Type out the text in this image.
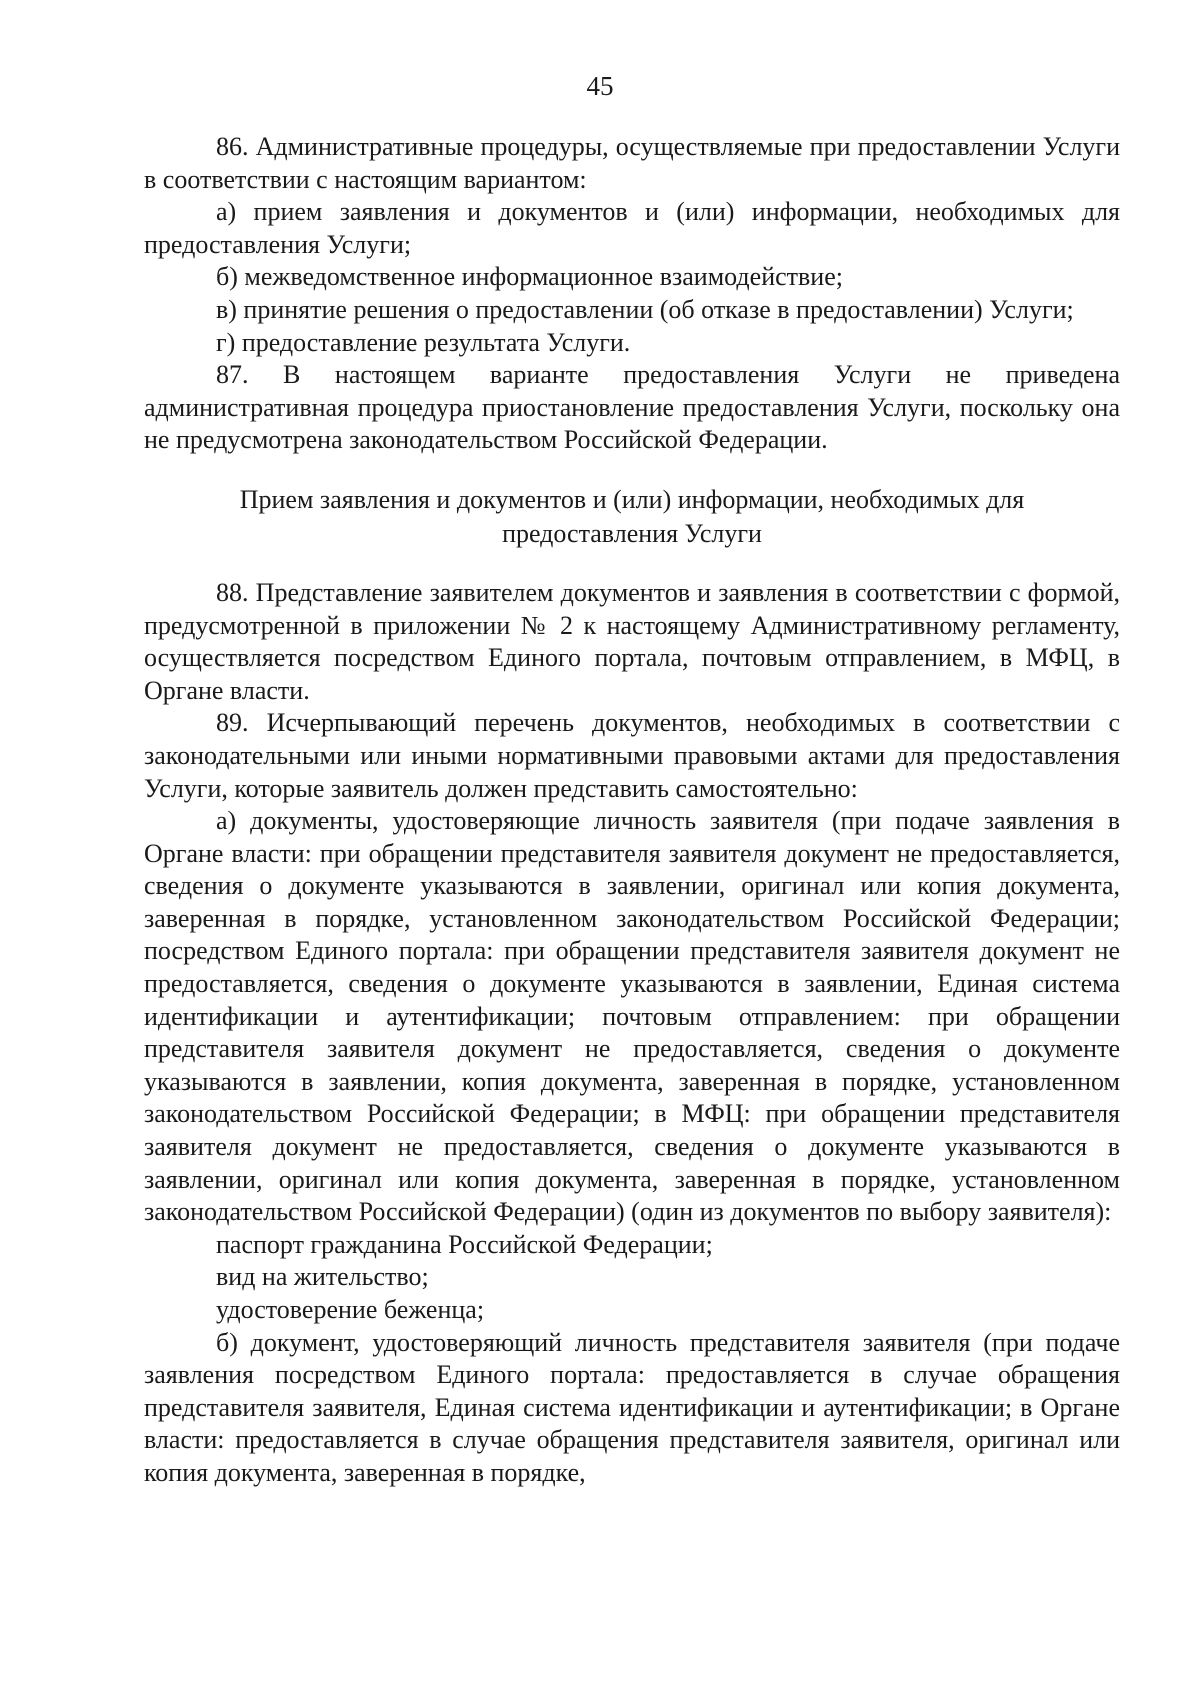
45

86. Административные процедуры, осуществляемые при предоставлении Услуги в соответствии с настоящим вариантом:

а) прием заявления и документов и (или) информации, необходимых для предоставления Услуги;

б) межведомственное информационное взаимодействие;

в) принятие решения о предоставлении (об отказе в предоставлении) Услуги;

г) предоставление результата Услуги.

87. В настоящем варианте предоставления Услуги не приведена административная процедура приостановление предоставления Услуги, поскольку она не предусмотрена законодательством Российской Федерации.

Прием заявления и документов и (или) информации, необходимых для предоставления Услуги

88. Представление заявителем документов и заявления в соответствии с формой, предусмотренной в приложении № 2 к настоящему Административному регламенту, осуществляется посредством Единого портала, почтовым отправлением, в МФЦ, в Органе власти.

89. Исчерпывающий перечень документов, необходимых в соответствии с законодательными или иными нормативными правовыми актами для предоставления Услуги, которые заявитель должен представить самостоятельно:

а) документы, удостоверяющие личность заявителя (при подаче заявления в Органе власти: при обращении представителя заявителя документ не предоставляется, сведения о документе указываются в заявлении, оригинал или копия документа, заверенная в порядке, установленном законодательством Российской Федерации; посредством Единого портала: при обращении представителя заявителя документ не предоставляется, сведения о документе указываются в заявлении, Единая система идентификации и аутентификации; почтовым отправлением: при обращении представителя заявителя документ не предоставляется, сведения о документе указываются в заявлении, копия документа, заверенная в порядке, установленном законодательством Российской Федерации; в МФЦ: при обращении представителя заявителя документ не предоставляется, сведения о документе указываются в заявлении, оригинал или копия документа, заверенная в порядке, установленном законодательством Российской Федерации) (один из документов по выбору заявителя):

паспорт гражданина Российской Федерации;

вид на жительство;

удостоверение беженца;

б) документ, удостоверяющий личность представителя заявителя (при подаче заявления посредством Единого портала: предоставляется в случае обращения представителя заявителя, Единая система идентификации и аутентификации; в Органе власти: предоставляется в случае обращения представителя заявителя, оригинал или копия документа, заверенная в порядке,
